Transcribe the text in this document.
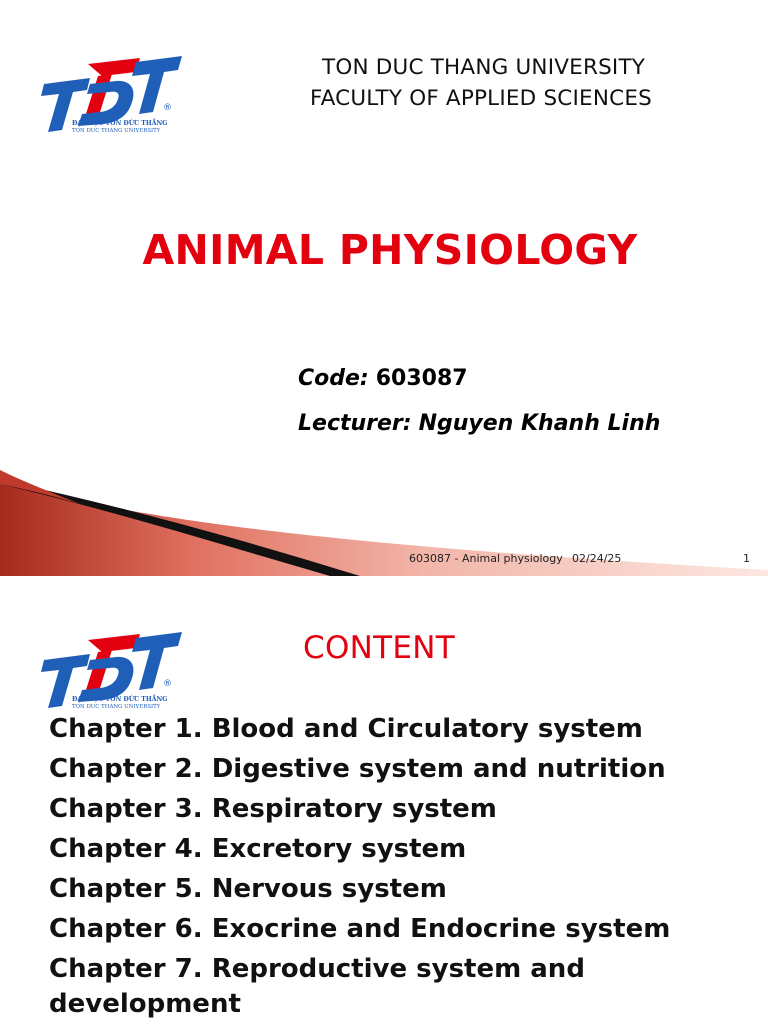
®
ĐẠI HỌC TÔN ĐỨC THẮNG
TON DUC THANG UNIVERSITY
TON DUC THANG UNIVERSITY
FACULTY OF APPLIED SCIENCES
ANIMAL PHYSIOLOGY
Code: 603087
Lecturer: Nguyen Khanh Linh
603087 - Animal physiology 02/24/25	1
®
ĐẠI HỌC TÔN ĐỨC THẮNG
TON DUC THANG UNIVERSITY
CONTENT
Chapter 1. Blood and Circulatory system
Chapter 2. Digestive system and nutrition
Chapter 3. Respiratory system
Chapter 4. Excretory system
Chapter 5. Nervous system
Chapter 6. Exocrine and Endocrine system
Chapter 7. Reproductive system and development
